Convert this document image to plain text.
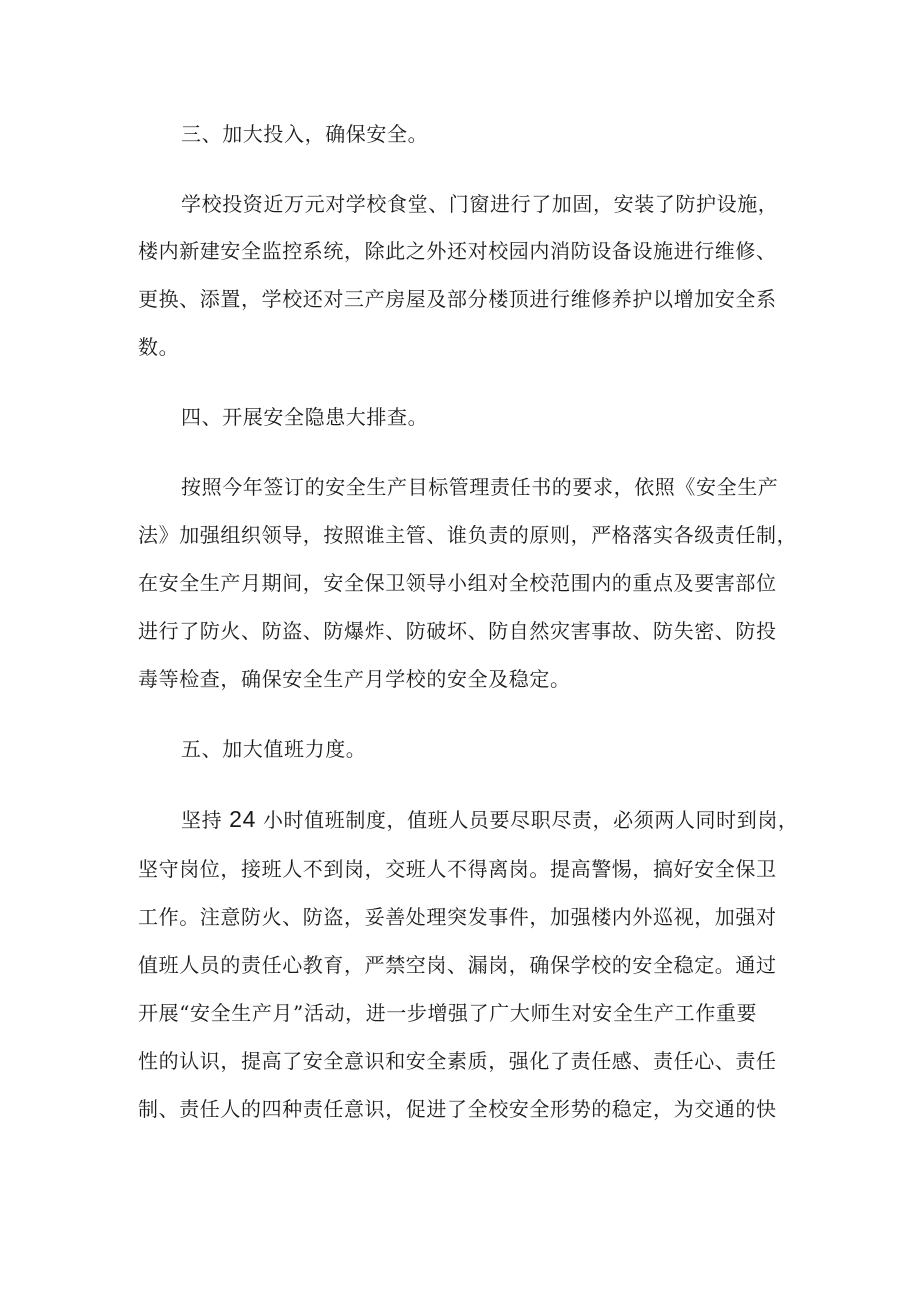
三、加大投入，确保安全。
学校投资近万元对学校食堂、门窗进行了加固，安装了防护设施，
楼内新建安全监控系统，除此之外还对校园内消防设备设施进行维修、
更换、添置，学校还对三产房屋及部分楼顶进行维修养护以增加安全系
数。
四、开展安全隐患大排查。
按照今年签订的安全生产目标管理责任书的要求，依照《安全生产
法》加强组织领导，按照谁主管、谁负责的原则，严格落实各级责任制，
在安全生产月期间，安全保卫领导小组对全校范围内的重点及要害部位
进行了防火、防盗、防爆炸、防破坏、防自然灾害事故、防失密、防投
毒等检查，确保安全生产月学校的安全及稳定。
五、加大值班力度。
坚持 24 小时值班制度，值班人员要尽职尽责，必须两人同时到岗，
坚守岗位，接班人不到岗，交班人不得离岗。提高警惕，搞好安全保卫
工作。注意防火、防盗，妥善处理突发事件，加强楼内外巡视，加强对
值班人员的责任心教育，严禁空岗、漏岗，确保学校的安全稳定。通过
开展“安全生产月”活动，进一步增强了广大师生对安全生产工作重要
性的认识，提高了安全意识和安全素质，强化了责任感、责任心、责任
制、责任人的四种责任意识，促进了全校安全形势的稳定，为交通的快
